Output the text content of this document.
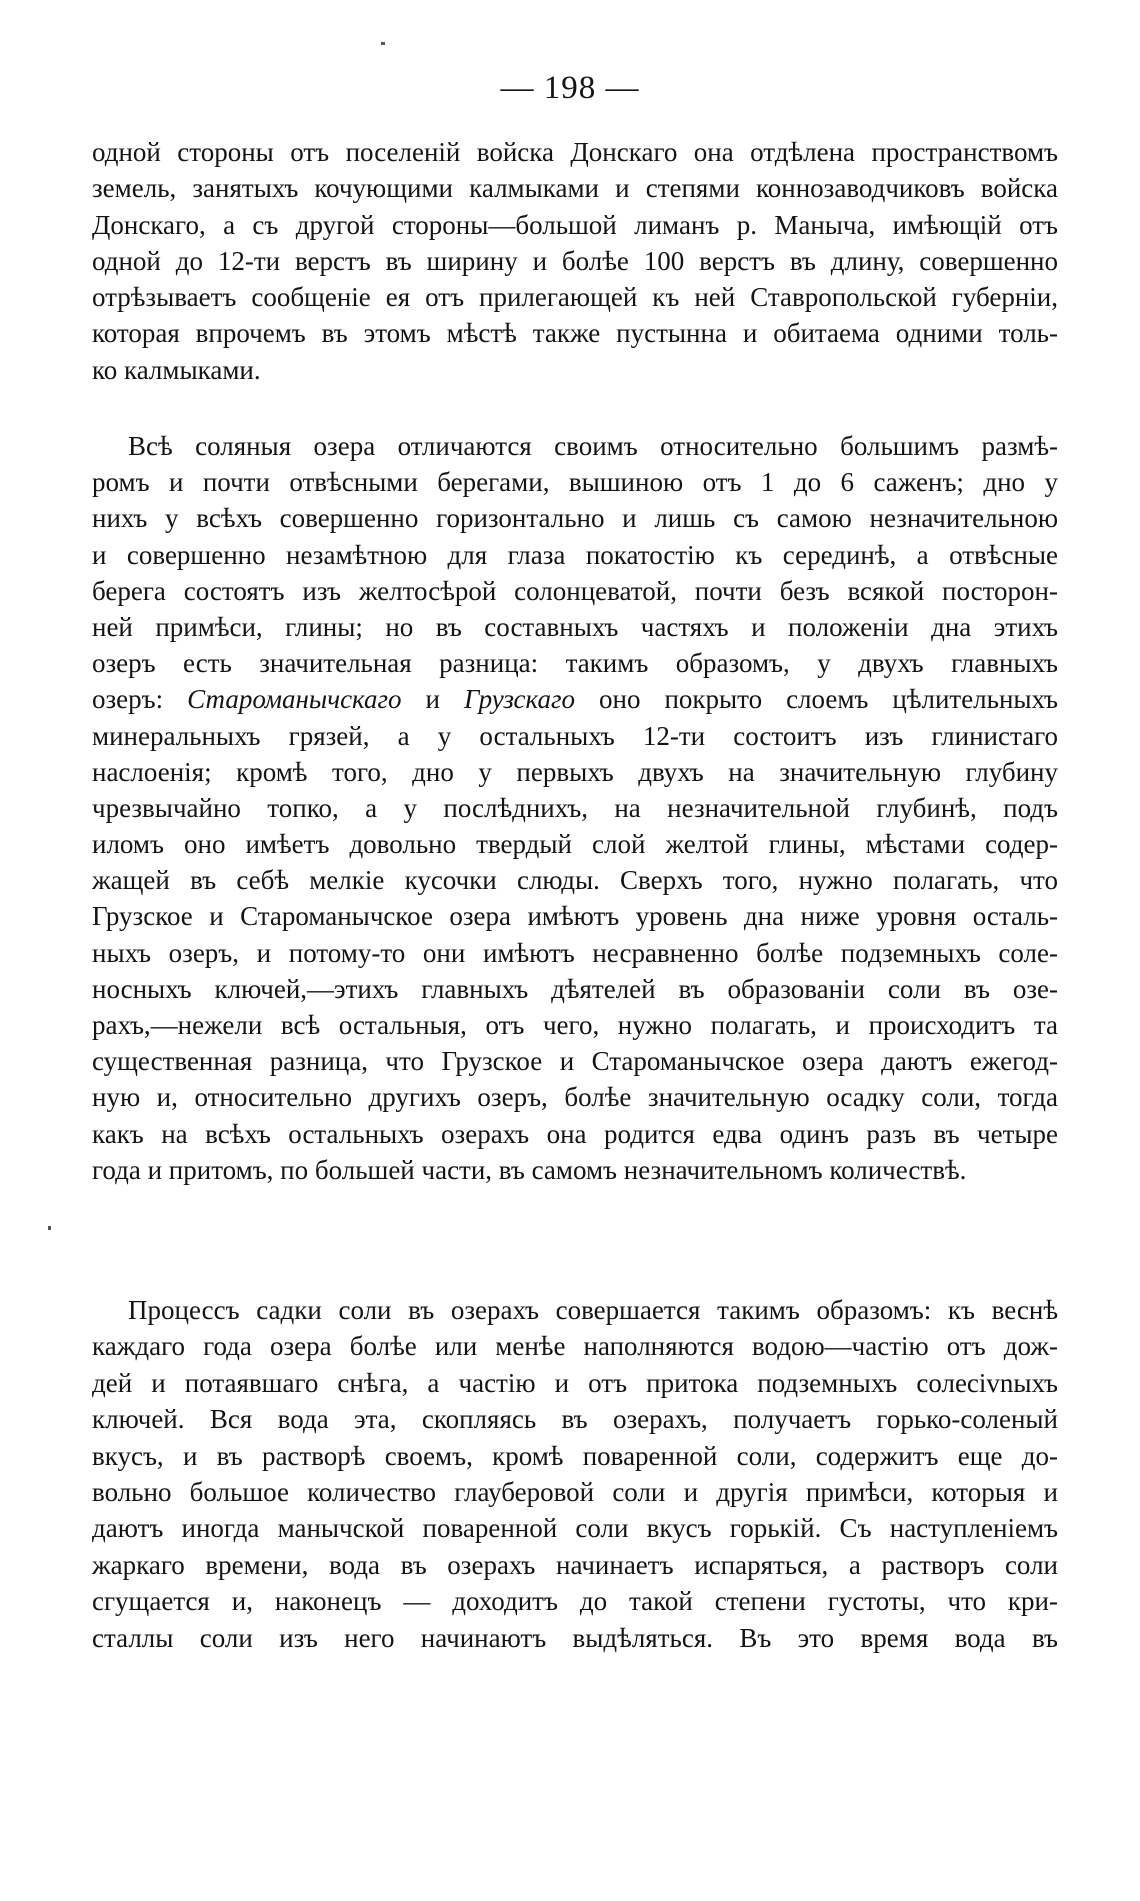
— 198 —
одной стороны отъ поселеній войска Донскаго она отдѣлена пространствомъ
земель, занятыхъ кочующими калмыками и степями коннозаводчиковъ войска
Донскаго, а съ другой стороны—большой лиманъ р. Маныча, имѣющій отъ
одной до 12-ти верстъ въ ширину и болѣе 100 верстъ въ длину, совершенно
отрѣзываетъ сообщеніе ея отъ прилегающей къ ней Ставропольской губерніи,
которая впрочемъ въ этомъ мѣстѣ также пустынна и обитаема одними толь-
ко калмыками.
Всѣ соляныя озера отличаются своимъ относительно большимъ размѣ-
ромъ и почти отвѣсными берегами, вышиною отъ 1 до 6 саженъ; дно у
нихъ у всѣхъ совершенно горизонтально и лишь съ самою незначительною
и совершенно незамѣтною для глаза покатостію къ серединѣ, а отвѣсные
берега состоятъ изъ желтосѣрой солонцеватой, почти безъ всякой посторон-
ней примѣси, глины; но въ составныхъ частяхъ и положеніи дна этихъ
озеръ есть значительная разница: такимъ образомъ, у двухъ главныхъ
озеръ: Староманычскаго и Грузскаго оно покрыто слоемъ цѣлительныхъ
минеральныхъ грязей, а у остальныхъ 12-ти состоитъ изъ глинистаго
наслоенія; кромѣ того, дно у первыхъ двухъ на значительную глубину
чрезвычайно топко, а у послѣднихъ, на незначительной глубинѣ, подъ
иломъ оно имѣетъ довольно твердый слой желтой глины, мѣстами содер-
жащей въ себѣ мелкіе кусочки слюды. Сверхъ того, нужно полагать, что
Грузское и Староманычское озера имѣютъ уровень дна ниже уровня осталь-
ныхъ озеръ, и потому-то они имѣютъ несравненно болѣе подземныхъ соле-
носныхъ ключей,—этихъ главныхъ дѣятелей въ образованіи соли въ озе-
рахъ,—нежели всѣ остальныя, отъ чего, нужно полагать, и происходитъ та
существенная разница, что Грузское и Староманычское озера даютъ ежегод-
ную и, относительно другихъ озеръ, болѣе значительную осадку соли, тогда
какъ на всѣхъ остальныхъ озерахъ она родится едва одинъ разъ въ четыре
года и притомъ, по большей части, въ самомъ незначительномъ количествѣ.
Процессъ садки соли въ озерахъ совершается такимъ образомъ: къ веснѣ
каждаго года озера болѣе или менѣе наполняются водою—частію отъ дож-
дей и потаявшаго снѣга, а частію и отъ притока подземныхъ солеcivnыхъ
ключей. Вся вода эта, скопляясь въ озерахъ, получаетъ горько-соленый
вкусъ, и въ растворѣ своемъ, кромѣ поваренной соли, содержитъ еще до-
вольно большое количество глауберовой соли и другія примѣси, которыя и
даютъ иногда манычской поваренной соли вкусъ горькій. Съ наступленіемъ
жаркаго времени, вода въ озерахъ начинаетъ испаряться, а растворъ соли
сгущается и, наконецъ — доходитъ до такой степени густоты, что кри-
сталлы соли изъ него начинаютъ выдѣляться. Въ это время вода въ
